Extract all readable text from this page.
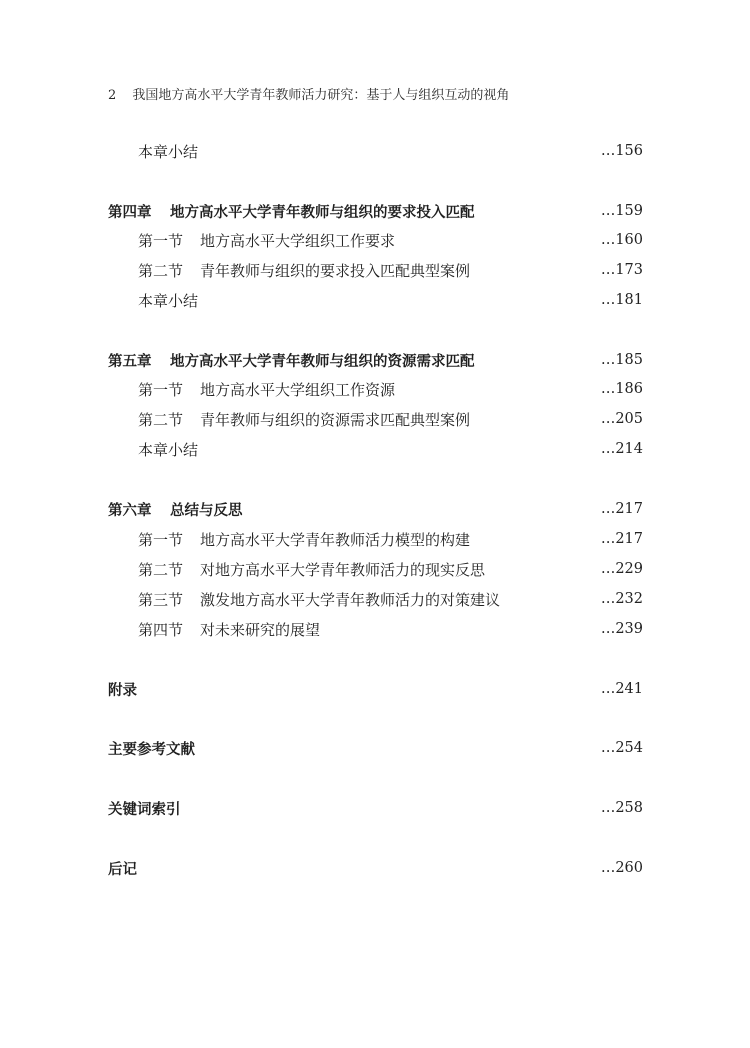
2 我国地方高水平大学青年教师活力研究：基于人与组织互动的视角
本章小结	…156
第四章	地方高水平大学青年教师与组织的要求投入匹配	…159
第一节	地方高水平大学组织工作要求	…160
第二节	青年教师与组织的要求投入匹配典型案例	…173
本章小结	…181
第五章	地方高水平大学青年教师与组织的资源需求匹配	…185
第一节	地方高水平大学组织工作资源	…186
第二节	青年教师与组织的资源需求匹配典型案例	…205
本章小结	…214
第六章	总结与反思	…217
第一节	地方高水平大学青年教师活力模型的构建	…217
第二节	对地方高水平大学青年教师活力的现实反思	…229
第三节	激发地方高水平大学青年教师活力的对策建议	…232
第四节	对未来研究的展望	…239
附录	…241
主要参考文献	…254
关键词索引	…258
后记	…260
